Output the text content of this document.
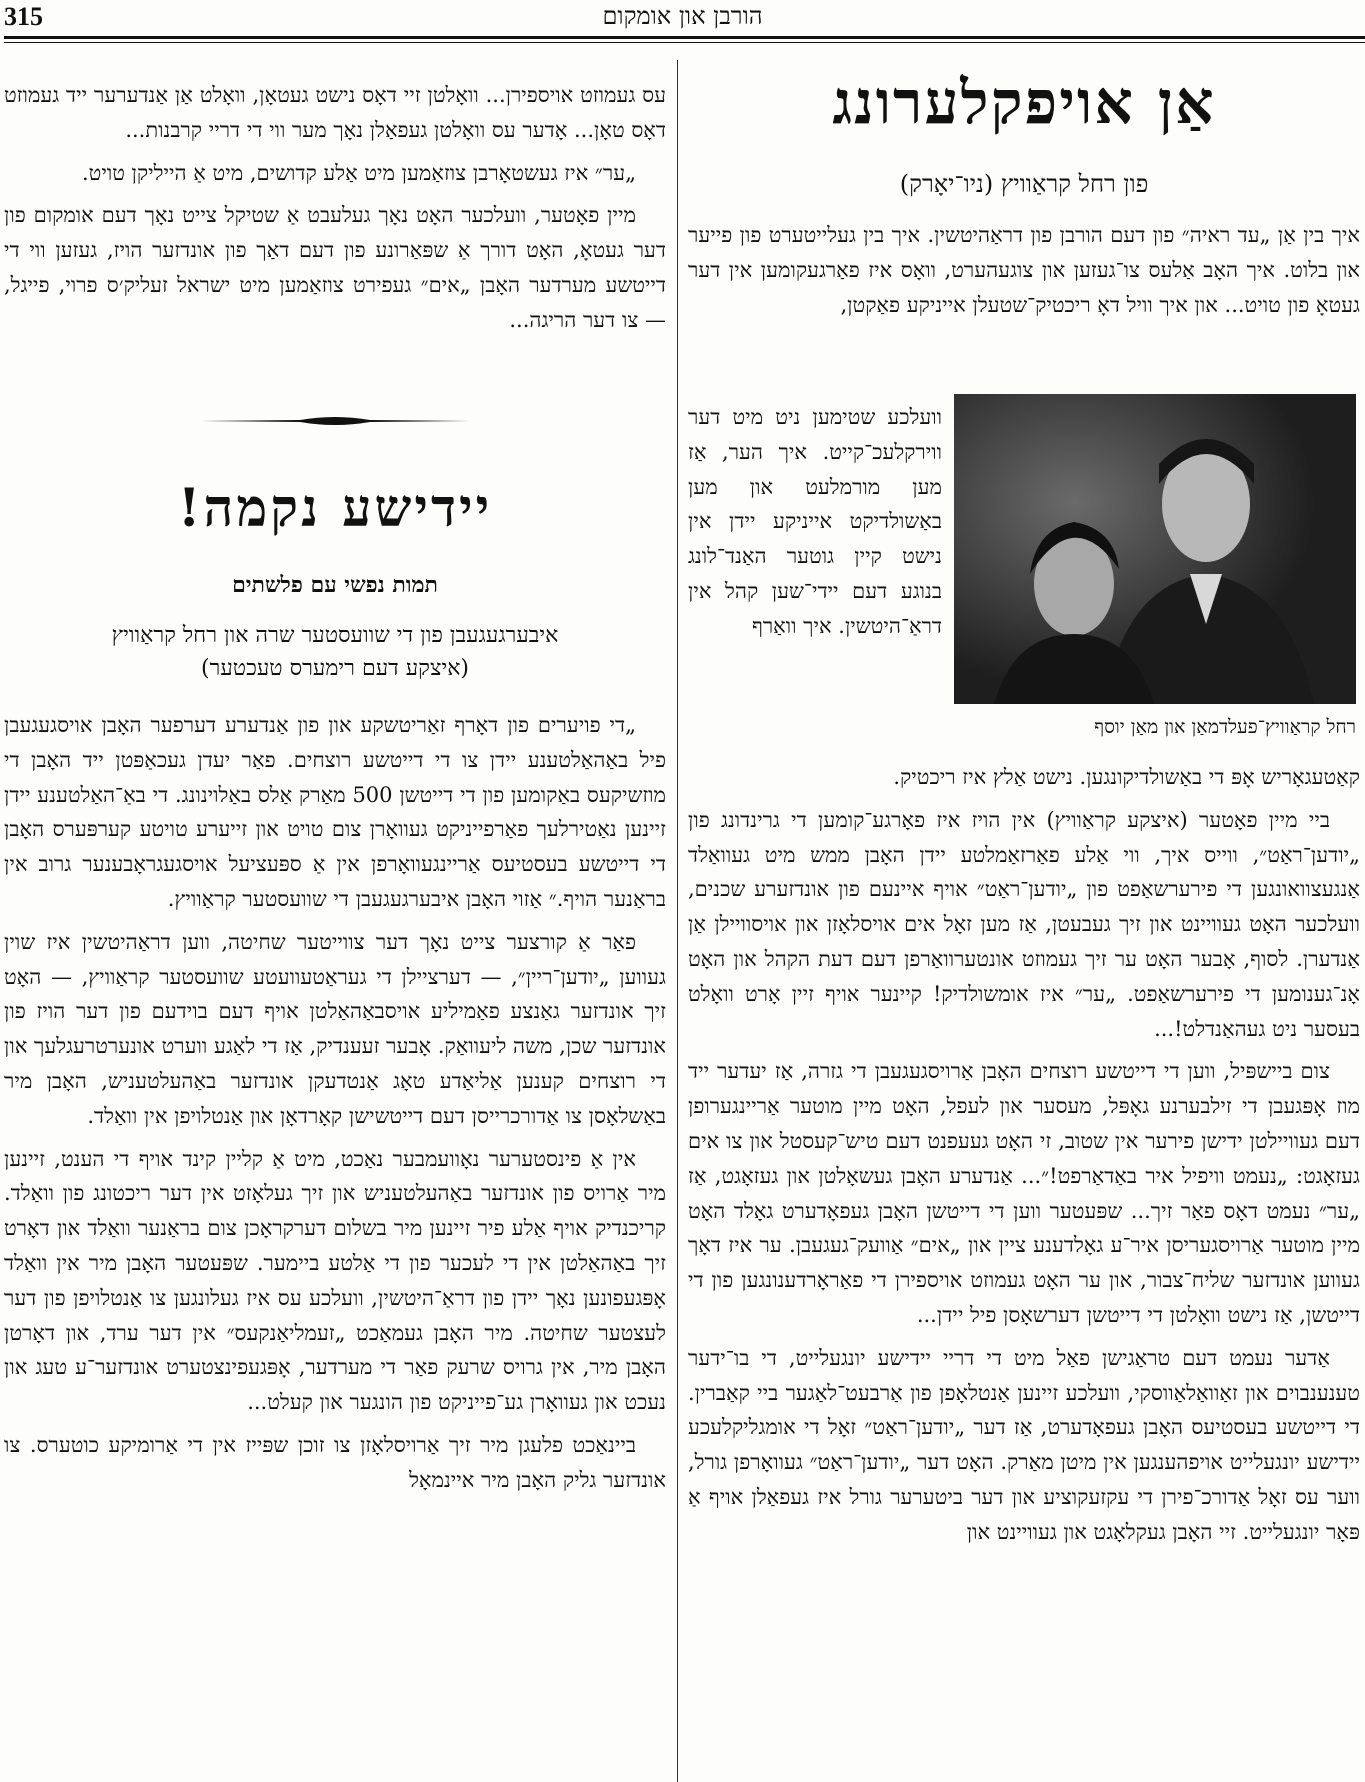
315	הורבן און אומקום
אַן אויפקלערונג
פון רחל קראַוויץ (ניו־יאָרק)

איך בין אַן „עד ראיה״ פון דעם הורבן פון דראַהיטשין. איך בין געלייטערט פון פייער און בלוט. איך האָב אַלעס צו־געזען און צוגעהערט, וואָס איז פאַרגעקומען אין דער געטאָ פון טויט... און איך וויל דאָ ריכטיק־שטעלן אייניקע פאַקטן,

וועלכע שטימען ניט מיט דער ווירקלעכ־קייט. איך הער, אַז מען מורמלעט און מען באַשולדיקט אייניקע יידן אין נישט קיין גוטער האַנד־לונג בנוגע דעם יידי־שען קהל אין דראַ־היטשין. איך וואַרף
רחל קראַוויץ־פעלדמאַן און מאַן יוסף

קאַטעגאָריש אָפּ די באַשולדיקונגען. נישט אַלץ איז ריכטיק.

ביי מיין פאָטער (איצקע קראַוויץ) אין הויז איז פאָרגע־קומען די גרינדונג פון „יודען־ראַט״, ווייס איך, ווי אַלע פאַרזאַמלטע יידן האָבן ממש מיט געוואַלד אַנגעצוואונגען די פירערשאַפט פון „יודען־ראַט״ אויף איינעם פון אונדזערע שכנים, וועלכער האָט געוויינט און זיך געבעטן, אַז מען זאָל אים אויסלאָזן און אויסוויילן אַן אַנדערן. לסוף, אָבער האָט ער זיך געמוזט אונטערוואַרפן דעם דעת הקהל און האָט אָנ־גענומען די פירערשאַפט. „ער״ איז אומשולדיק! קיינער אויף זיין אָרט וואָלט בעסער ניט געהאַנדלט!...

צום ביישפּיל, ווען די דייטשע רוצחים האָבן אַרויסגעגעבן די גזרה, אַז יעדער ייד מוז אָפּגעבן די זילבערנע גאָפּל, מעסער און לעפל, האָט מיין מוטער אַריינגערופן דעם געוויילטן ידישן פירער אין שטוב, זי האָט געעפנט דעם טיש־קעסטל און צו אים געזאָגט: „נעמט וויפיל איר באַדאַרפט!״... אַנדערע האָבן געשאָלטן און געזאָגט, אַז „ער״ נעמט דאָס פאַר זיך... שפּעטער ווען די דייטשן האָבן געפאָדערט גאָלד האָט מיין מוטער אַרויסגעריסן איר־ע גאָלדענע ציין און „אים״ אַוועק־געגעבן. ער איז דאָך געווען אונדזער שליח־צבור, און ער האָט געמוזט אויספירן די פאַראָרדענונגען פון די דייטשן, אַז נישט וואָלטן די דייטשן דערשאָסן פיל יידן...

אַדער נעמט דעם טראַגישן פאַל מיט די דריי יידישע יונגעלייט, די בו־ידער טענענבוים און זאַוואַלאַווסקי, וועלכע זיינען אַנטלאָפן פון אַרבעט־לאַגער ביי קאַברין. די דייטשע בעסטיעס האָבן געפאָדערט, אַז דער „יודען־ראַט״ זאָל די אומגליקלעכע יידישע יונגעלייט אויפהענגען אין מיטן מאַרק. האָט דער „יודען־ראַט״ געוואָרפן גורל, ווער עס זאָל אַדורכ־פירן די עקזעקוציע און דער ביטערער גורל איז געפאַלן אויף אַ פּאָר יונגעלייט. זיי האָבן געקלאָגט און געוויינט און

עס געמוזט אויספירן... וואָלטן זיי דאָס נישט געטאָן, וואָלט אַן אַנדערער ייד געמוזט דאָס טאָן... אָדער עס וואָלטן געפאַלן נאָך מער ווי די דריי קרבנות...

„ער״ איז געשטאָרבן צוזאַמען מיט אַלע קדושים, מיט אַ הייליקן טויט.

מיין פאָטער, וועלכער האָט נאָך געלעבט אַ שטיקל צייט נאָך דעם אומקום פון דער געטאָ, האָט דורך אַ שפּאַרונע פון דעם דאַך פון אונדזער הויז, געזען ווי די דייטשע מערדער האָבן „אים״ געפירט צוזאַמען מיט ישראל זעליק׳ס פרוי, פייגל, — צו דער הריגה...

יידישע נקמה!
תמות נפשי עם פלשתים
איבערגעגעבן פון די שוועסטער שרה און רחל קראַוויץ
(איצקע דעם רימערס טעכטער)

„די פויערים פון דאָרף זאַריטשקע און פון אַנדערע דערפער האָבן אויסגעגעבן פיל באַהאַלטענע יידן צו די דייטשע רוצחים. פאַר יעדן געכאַפּטן ייד האָבן די מוזשיקעס באַקומען פון די דייטשן 500 מאַרק אַלס באַלוינונג. די באַ־האַלטענע יידן זיינען נאַטירלעך פאַרפייניקט געוואָרן צום טויט און זייערע טויטע קערפּערס האָבן די דייטשע בעסטיעס אַריינגעוואָרפן אין אַ ספּעציעל אויסגעגראָבענער גרוב אין בראַנער הויף.״ אַזוי האָבן איבערגעגעבן די שוועסטער קראַוויץ.

פאַר אַ קורצער צייט נאָך דער צווייטער שחיטה, ווען דראַהיטשין איז שוין געווען „יודען־ריין״, — דערציילן די געראַטעוועטע שוועסטער קראַוויץ, — האָט זיך אונדזער גאַנצע פאַמיליע אויסבאַהאַלטן אויף דעם בוידעם פון דער הויז פון אונדזער שכן, משה ליעוואַק. אָבער זעענדיק, אַז די לאַגע ווערט אונערטרעגלעך און די רוצחים קענען אַליאַדע טאָג אַנטדעקן אונדזער באַהעלטעניש, האָבן מיר באַשלאָסן צו אַדורכרייסן דעם דייטשישן קאָרדאָן און אַנטלויפן אין וואַלד.

אין אַ פינסטערער נאָוועמבער נאַכט, מיט אַ קליין קינד אויף די הענט, זיינען מיר אַרויס פון אונדזער באַהעלטעניש און זיך געלאָזט אין דער ריכטונג פון וואַלד. קריכנדיק אויף אַלע פיר זיינען מיר בשלום דערקראָכן צום בראַנער וואַלד און דאָרט זיך באַהאַלטן אין די לעכער פון די אַלטע ביימער. שפּעטער האָבן מיר אין וואַלד אָפּגעפונען נאָך יידן פון דראַ־היטשין, וועלכע עס איז געלונגען צו אַנטלויפן פון דער לעצטער שחיטה. מיר האָבן געמאַכט „זעמליאַנקעס״ אין דער ערד, און דאָרטן האָבן מיר, אין גרויס שרעק פאַר די מערדער, אָפּגעפינצטערט אונדזער־ע טעג און נעכט און געוואָרן גע־פייניקט פון הונגער און קעלט...

ביינאַכט פלעגן מיר זיך אַרויסלאָזן צו זוכן שפּייז אין די אַרומיקע כוטערס. צו אונדזער גליק האָבן מיר איינמאָל
